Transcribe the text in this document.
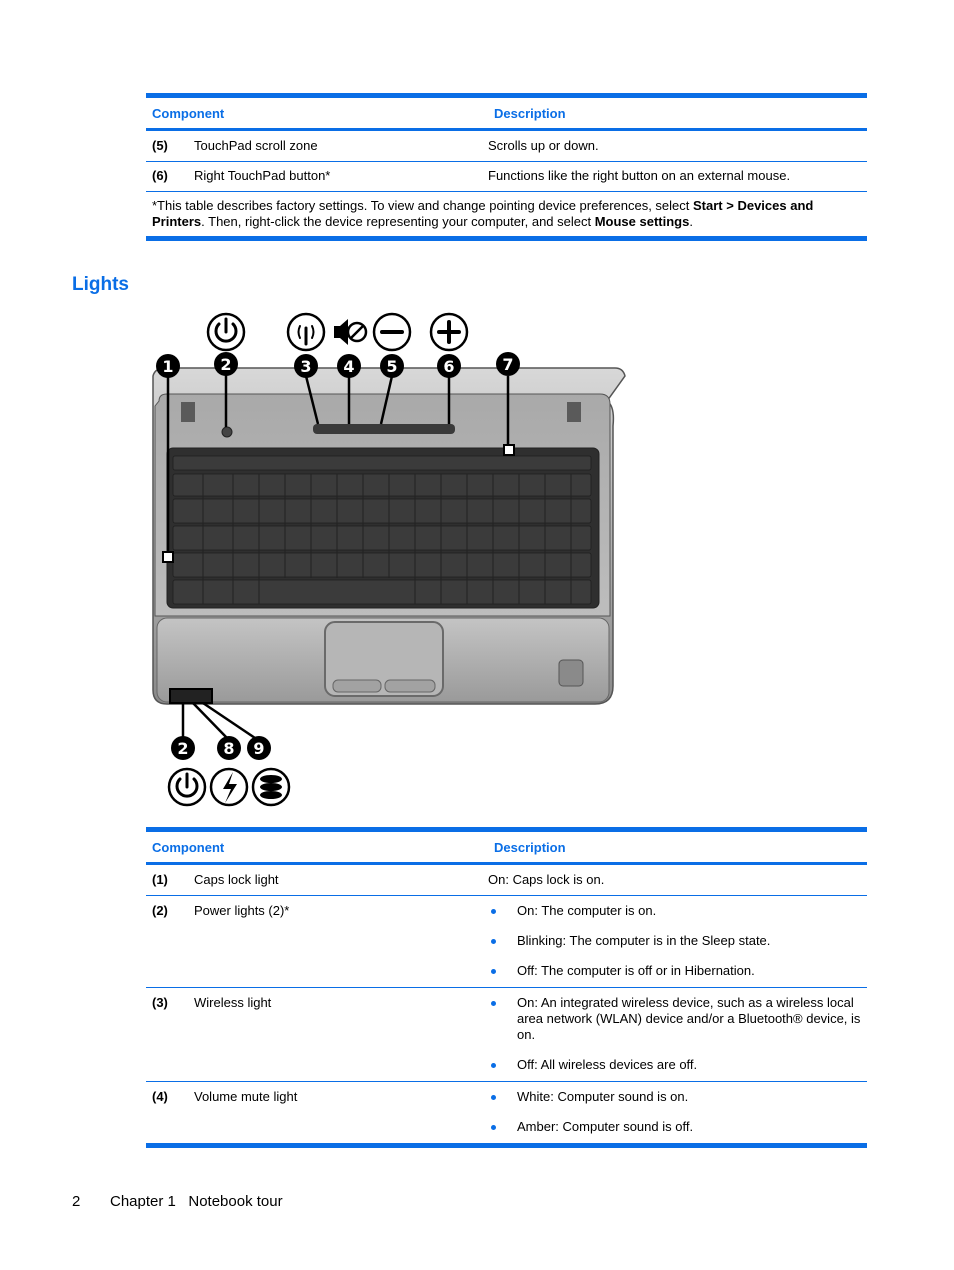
Component	Description
(5)	TouchPad scroll zone	Scrolls up or down.
(6)	Right TouchPad button*	Functions like the right button on an external mouse.
*This table describes factory settings. To view and change pointing device preferences, select Start > Devices and Printers. Then, right-click the device representing your computer, and select Mouse settings.
Lights
1	2	3 4 5	6	7
2 8 9
Component	Description
(1)	Caps lock light	On: Caps lock is on.
(2)	Power lights (2)*	On: The computer is on.
Blinking: The computer is in the Sleep state.
Off: The computer is off or in Hibernation.
(3)	Wireless light	On: An integrated wireless device, such as a wireless local area network (WLAN) device and/or a Bluetooth® device, is on.
Off: All wireless devices are off.
(4)	Volume mute light	White: Computer sound is on.
Amber: Computer sound is off.
2 Chapter 1   Notebook tour
